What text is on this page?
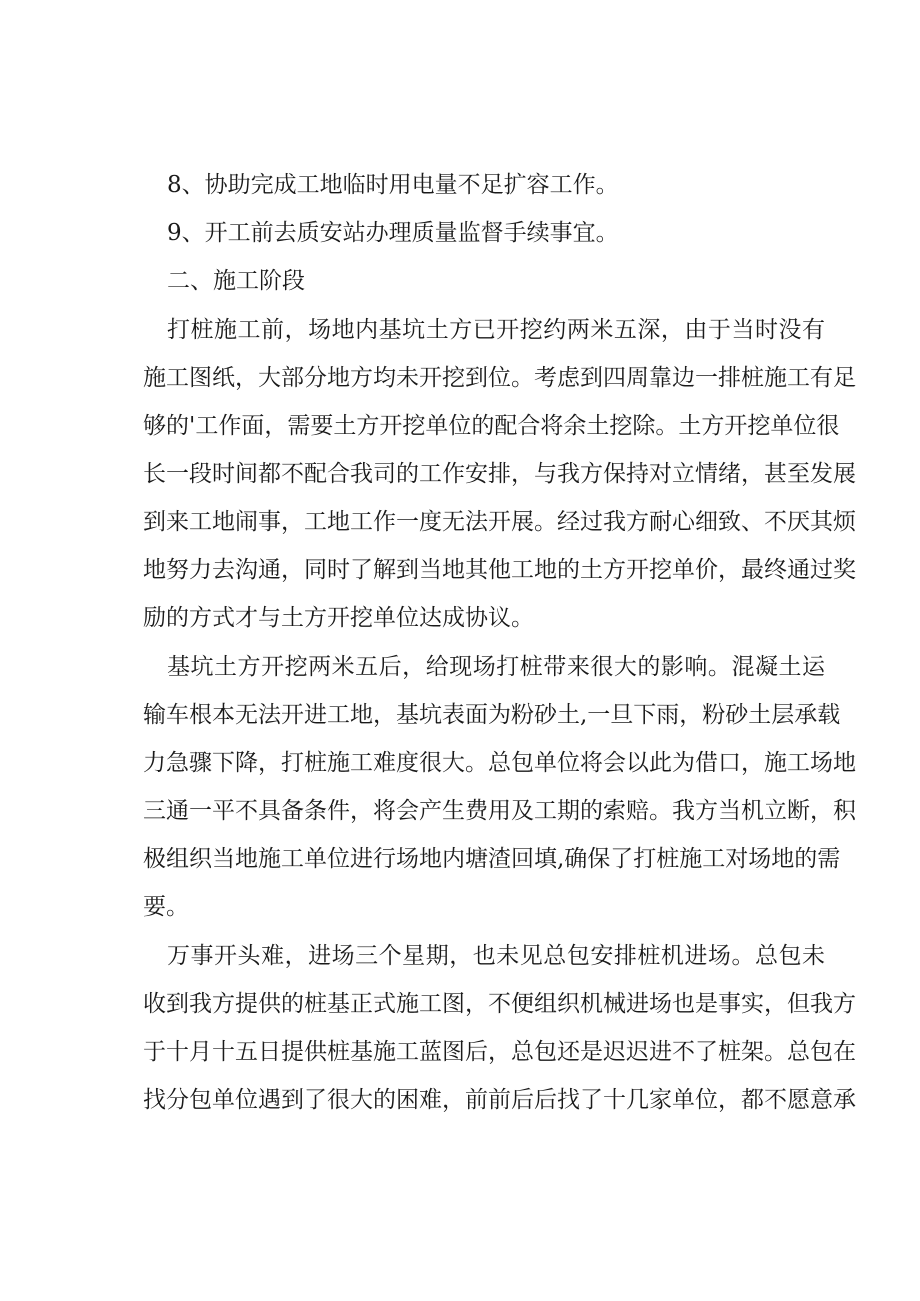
8、协助完成工地临时用电量不足扩容工作。
9、开工前去质安站办理质量监督手续事宜。
二、施工阶段
打桩施工前，场地内基坑土方已开挖约两米五深，由于当时没有
施工图纸，大部分地方均未开挖到位。考虑到四周靠边一排桩施工有足
够的'工作面，需要土方开挖单位的配合将余土挖除。土方开挖单位很
长一段时间都不配合我司的工作安排，与我方保持对立情绪，甚至发展
到来工地闹事，工地工作一度无法开展。经过我方耐心细致、不厌其烦
地努力去沟通，同时了解到当地其他工地的土方开挖单价，最终通过奖
励的方式才与土方开挖单位达成协议。
基坑土方开挖两米五后，给现场打桩带来很大的影响。混凝土运
输车根本无法开进工地，基坑表面为粉砂土,一旦下雨，粉砂土层承载
力急骤下降，打桩施工难度很大。总包单位将会以此为借口，施工场地
三通一平不具备条件，将会产生费用及工期的索赔。我方当机立断，积
极组织当地施工单位进行场地内塘渣回填,确保了打桩施工对场地的需
要。
万事开头难，进场三个星期，也未见总包安排桩机进场。总包未
收到我方提供的桩基正式施工图，不便组织机械进场也是事实，但我方
于十月十五日提供桩基施工蓝图后，总包还是迟迟进不了桩架。总包在
找分包单位遇到了很大的困难，前前后后找了十几家单位，都不愿意承
